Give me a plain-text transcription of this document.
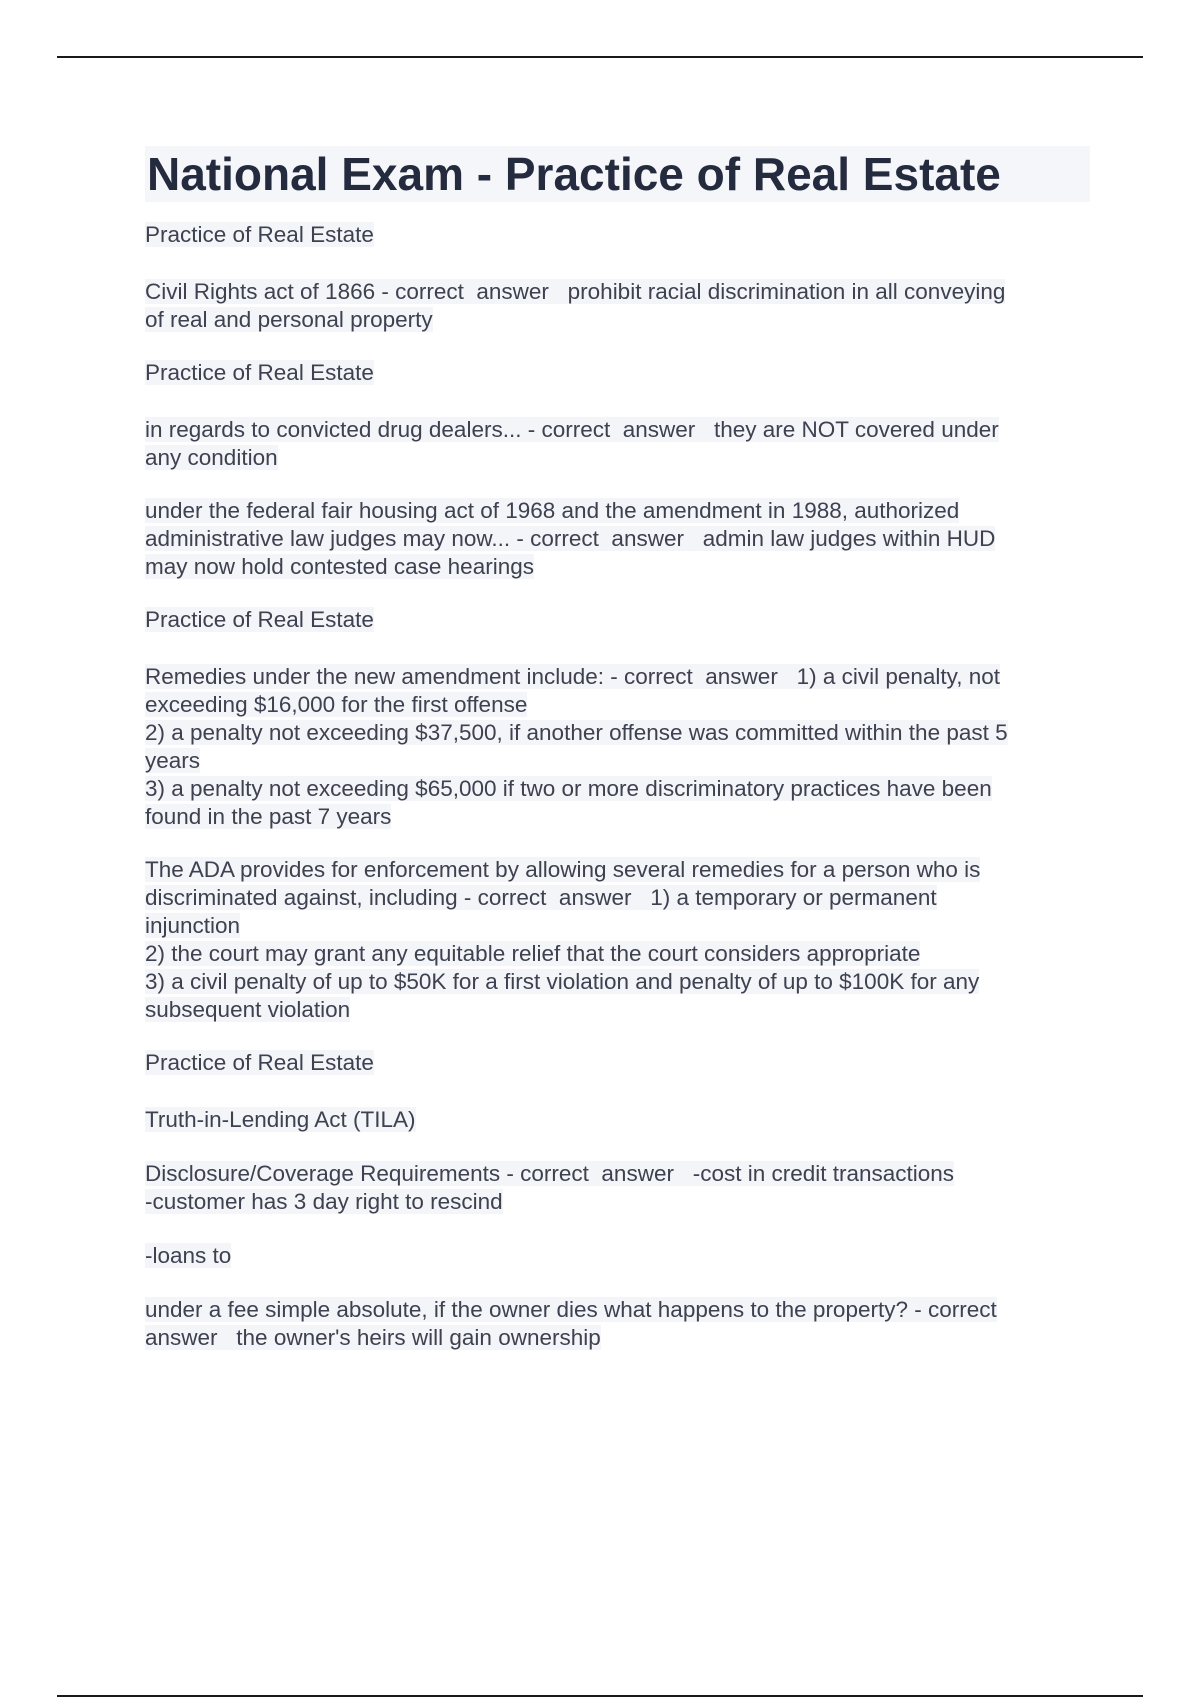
National Exam - Practice of Real Estate

Practice of Real Estate

Civil Rights act of 1866 - correct  answer   prohibit racial discrimination in all conveying
of real and personal property

Practice of Real Estate

in regards to convicted drug dealers... - correct  answer   they are NOT covered under
any condition

under the federal fair housing act of 1968 and the amendment in 1988, authorized
administrative law judges may now... - correct  answer   admin law judges within HUD
may now hold contested case hearings

Practice of Real Estate

Remedies under the new amendment include: - correct  answer   1) a civil penalty, not
exceeding $16,000 for the first offense
2) a penalty not exceeding $37,500, if another offense was committed within the past 5
years
3) a penalty not exceeding $65,000 if two or more discriminatory practices have been
found in the past 7 years

The ADA provides for enforcement by allowing several remedies for a person who is
discriminated against, including - correct  answer   1) a temporary or permanent
injunction
2) the court may grant any equitable relief that the court considers appropriate
3) a civil penalty of up to $50K for a first violation and penalty of up to $100K for any
subsequent violation

Practice of Real Estate

Truth-in-Lending Act (TILA)

Disclosure/Coverage Requirements - correct  answer   -cost in credit transactions
-customer has 3 day right to rescind

-loans to

under a fee simple absolute, if the owner dies what happens to the property? - correct
answer   the owner's heirs will gain ownership
